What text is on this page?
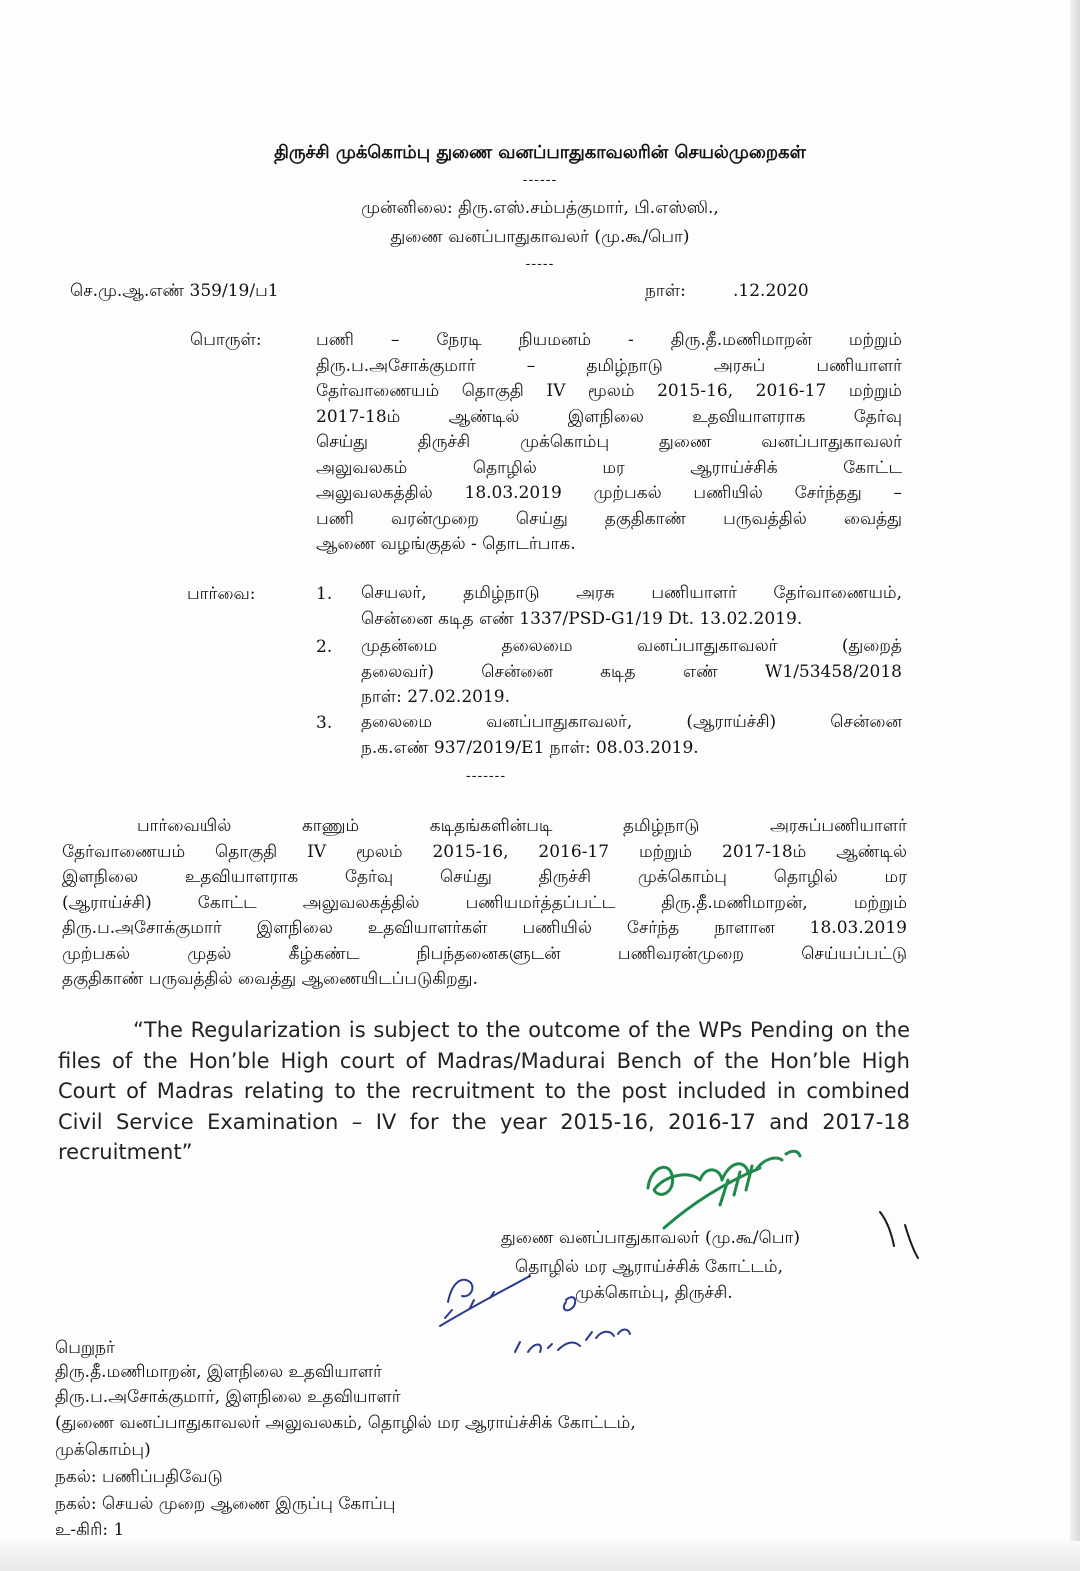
திருச்சி முக்கொம்பு துணை வனப்பாதுகாவலரின் செயல்முறைகள்
------
முன்னிலை: திரு.எஸ்.சம்பத்குமார், பி.எஸ்ஸி.,
துணை வனப்பாதுகாவலர் (மு.கூ/பொ)
-----
செ.மு.ஆ.எண் 359/19/ப1	நாள்:	.12.2020
பொருள்:	பணி – நேரடி நியமனம் - திரு.தீ.மணிமாறன் மற்றும்
திரு.ப.அசோக்குமார் – தமிழ்நாடு அரசுப் பணியாளர்
தேர்வாணையம் தொகுதி IV மூலம் 2015-16, 2016-17 மற்றும்
2017-18ம் ஆண்டில் இளநிலை உதவியாளராக தேர்வு
செய்து திருச்சி முக்கொம்பு துணை வனப்பாதுகாவலர்
அலுவலகம் தொழில் மர ஆராய்ச்சிக் கோட்ட
அலுவலகத்தில் 18.03.2019 முற்பகல் பணியில் சேர்ந்தது –
பணி வரன்முறை செய்து தகுதிகாண் பருவத்தில் வைத்து
ஆணை வழங்குதல் - தொடர்பாக.
பார்வை:	1. செயலர், தமிழ்நாடு அரசு பணியாளர் தேர்வாணையம்,
சென்னை கடித எண் 1337/PSD-G1/19 Dt. 13.02.2019.
2. முதன்மை தலைமை வனப்பாதுகாவலர் (துறைத்
தலைவர்) சென்னை கடித எண் W1/53458/2018
நாள்: 27.02.2019.
3. தலைமை வனப்பாதுகாவலர், (ஆராய்ச்சி) சென்னை
ந.க.எண் 937/2019/E1 நாள்: 08.03.2019.
-------
பார்வையில் காணும் கடிதங்களின்படி தமிழ்நாடு அரசுப்பணியாளர்
தேர்வாணையம் தொகுதி IV மூலம் 2015-16, 2016-17 மற்றும் 2017-18ம் ஆண்டில்
இளநிலை உதவியாளராக தேர்வு செய்து திருச்சி முக்கொம்பு தொழில் மர
(ஆராய்ச்சி) கோட்ட அலுவலகத்தில் பணியமர்த்தப்பட்ட திரு.தீ.மணிமாறன், மற்றும்
திரு.ப.அசோக்குமார் இளநிலை உதவியாளர்கள் பணியில் சேர்ந்த நாளான 18.03.2019
முற்பகல் முதல் கீழ்கண்ட நிபந்தனைகளுடன் பணிவரன்முறை செய்யப்பட்டு
தகுதிகாண் பருவத்தில் வைத்து ஆணையிடப்படுகிறது.
“The Regularization is subject to the outcome of the WPs Pending on the
files of the Hon’ble High court of Madras/Madurai Bench of the Hon’ble High
Court of Madras relating to the recruitment to the post included in combined
Civil Service Examination – IV for the year 2015-16, 2016-17 and 2017-18
recruitment”
துணை வனப்பாதுகாவலர் (மு.கூ/பொ)
தொழில் மர ஆராய்ச்சிக் கோட்டம்,
முக்கொம்பு, திருச்சி.
பெறுநர்
திரு.தீ.மணிமாறன், இளநிலை உதவியாளர்
திரு.ப.அசோக்குமார், இளநிலை உதவியாளர்
(துணை வனப்பாதுகாவலர் அலுவலகம், தொழில் மர ஆராய்ச்சிக் கோட்டம்,
முக்கொம்பு)
நகல்: பணிப்பதிவேடு
நகல்: செயல் முறை ஆணை இருப்பு கோப்பு
உ-கிரி: 1
